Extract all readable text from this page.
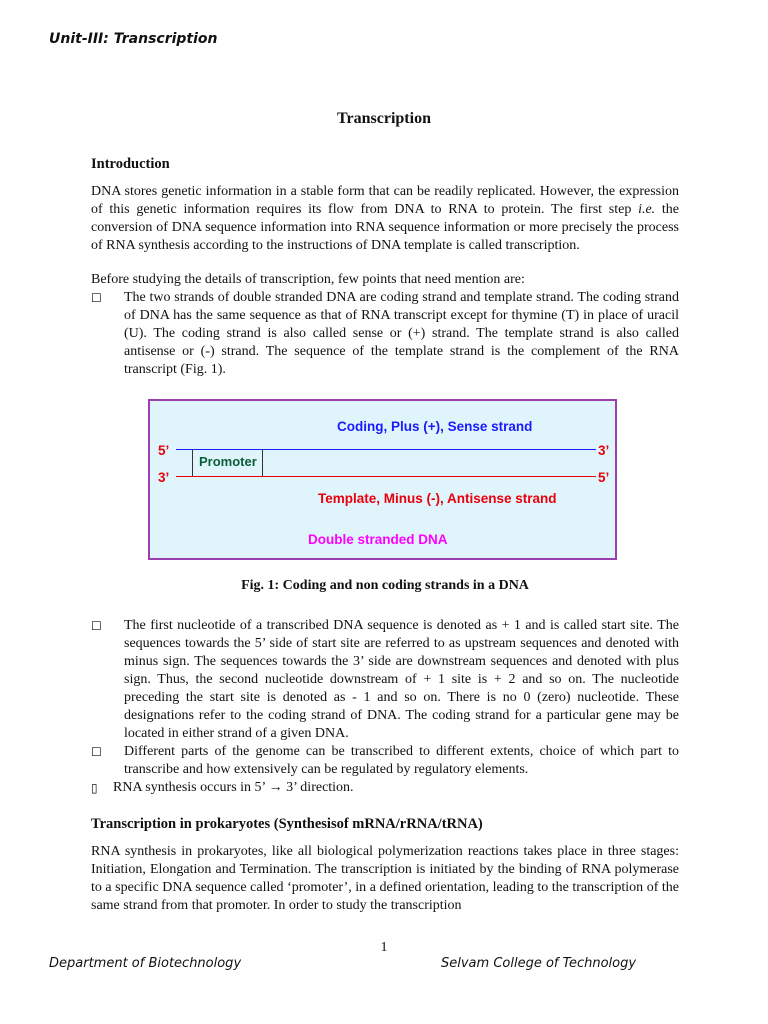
Unit-III: Transcription
Transcription
Introduction

DNA stores genetic information in a stable form that can be readily replicated. However, the expression of this genetic information requires its flow from DNA to RNA to protein. The first step i.e. the conversion of DNA sequence information into RNA sequence information or more precisely the process of RNA synthesis according to the instructions of DNA template is called transcription.

Before studying the details of transcription, few points that need mention are:

☐	The two strands of double stranded DNA are coding strand and template strand. The coding strand of DNA has the same sequence as that of RNA transcript except for thymine (T) in place of uracil (U). The coding strand is also called sense or (+) strand. The template strand is also called antisense or (-) strand. The sequence of the template strand is the complement of the RNA transcript (Fig. 1).
Coding, Plus (+), Sense strand
5’	3’
Promoter
3’	5’
Template, Minus (-), Antisense strand
Double stranded DNA
Fig. 1: Coding and non coding strands in a DNA
☐	The first nucleotide of a transcribed DNA sequence is denoted as + 1 and is called start site. The sequences towards the 5’ side of start site are referred to as upstream sequences and denoted with minus sign. The sequences towards the 3’ side are downstream sequences and denoted with plus sign. Thus, the second nucleotide downstream of + 1 site is + 2 and so on. The nucleotide preceding the start site is denoted as - 1 and so on. There is no 0 (zero) nucleotide. These designations refer to the coding strand of DNA. The coding strand for a particular gene may be located in either strand of a given DNA.
☐	Different parts of the genome can be transcribed to different extents, choice of which part to transcribe and how extensively can be regulated by regulatory elements.
▯	RNA synthesis occurs in 5’ → 3’ direction.
Transcription in prokaryotes (Synthesisof mRNA/rRNA/tRNA)

RNA synthesis in prokaryotes, like all biological polymerization reactions takes place in three stages: Initiation, Elongation and Termination. The transcription is initiated by the binding of RNA polymerase to a specific DNA sequence called ‘promoter’, in a defined orientation, leading to the transcription of the same strand from that promoter. In order to study the transcription

1
Department of Biotechnology	Selvam College of Technology
